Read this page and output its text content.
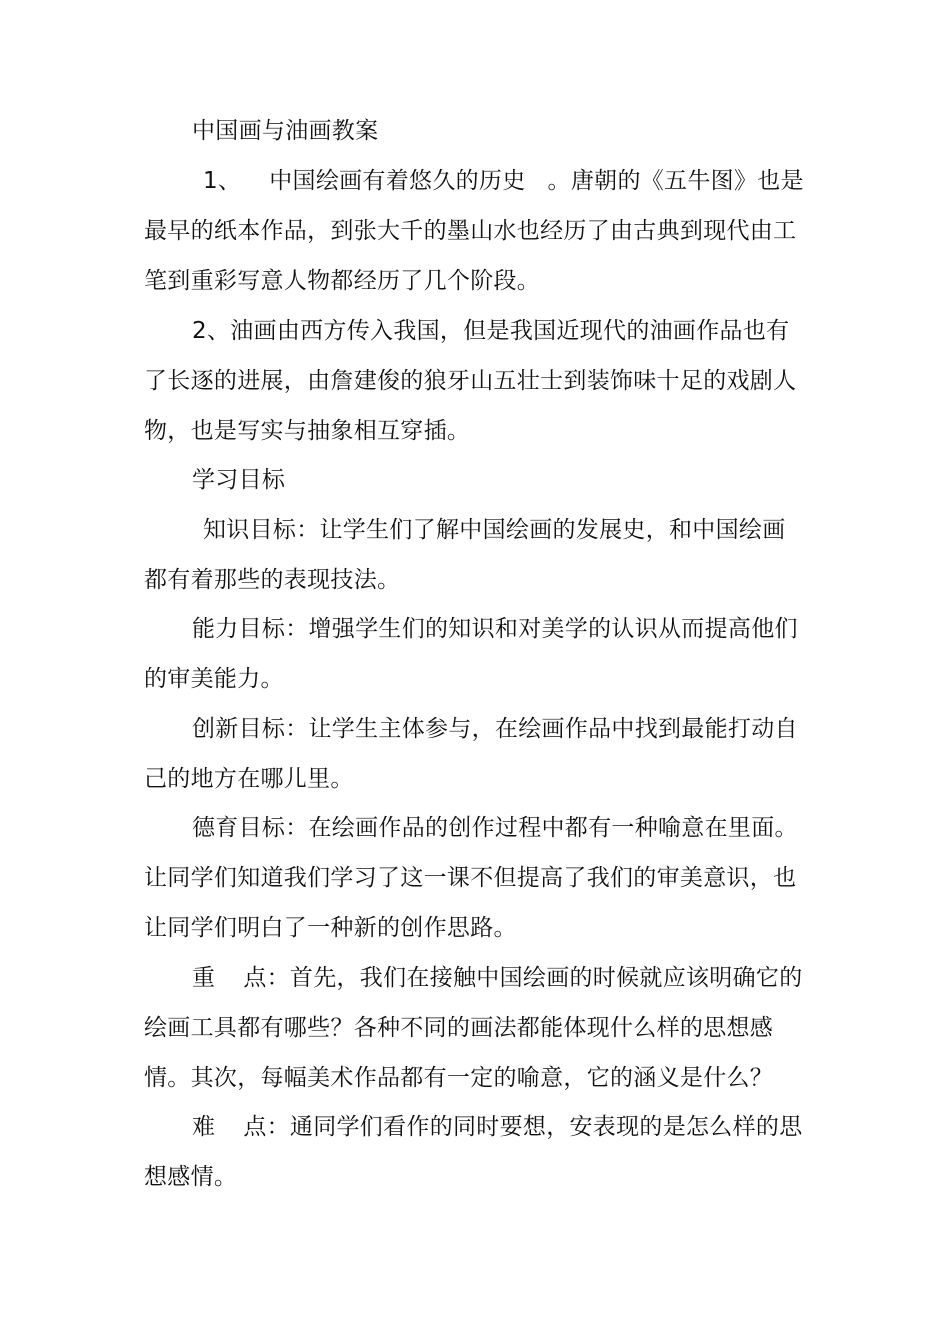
中国画与油画教案
1、 中国绘画有着悠久的历史 。唐朝的《五牛图》也是
最早的纸本作品，到张大千的墨山水也经历了由古典到现代由工
笔到重彩写意人物都经历了几个阶段。
2、油画由西方传入我国，但是我国近现代的油画作品也有
了长逐的进展，由詹建俊的狼牙山五壮士到装饰味十足的戏剧人
物，也是写实与抽象相互穿插。
学习目标
知识目标：让学生们了解中国绘画的发展史，和中国绘画
都有着那些的表现技法。
能力目标：增强学生们的知识和对美学的认识从而提高他们
的审美能力。
创新目标：让学生主体参与，在绘画作品中找到最能打动自
己的地方在哪儿里。
德育目标：在绘画作品的创作过程中都有一种喻意在里面。
让同学们知道我们学习了这一课不但提高了我们的审美意识，也
让同学们明白了一种新的创作思路。
重 点：首先，我们在接触中国绘画的时候就应该明确它的
绘画工具都有哪些？各种不同的画法都能体现什么样的思想感
情。其次，每幅美术作品都有一定的喻意，它的涵义是什么？
难 点：通同学们看作的同时要想，安表现的是怎么样的思
想感情。
